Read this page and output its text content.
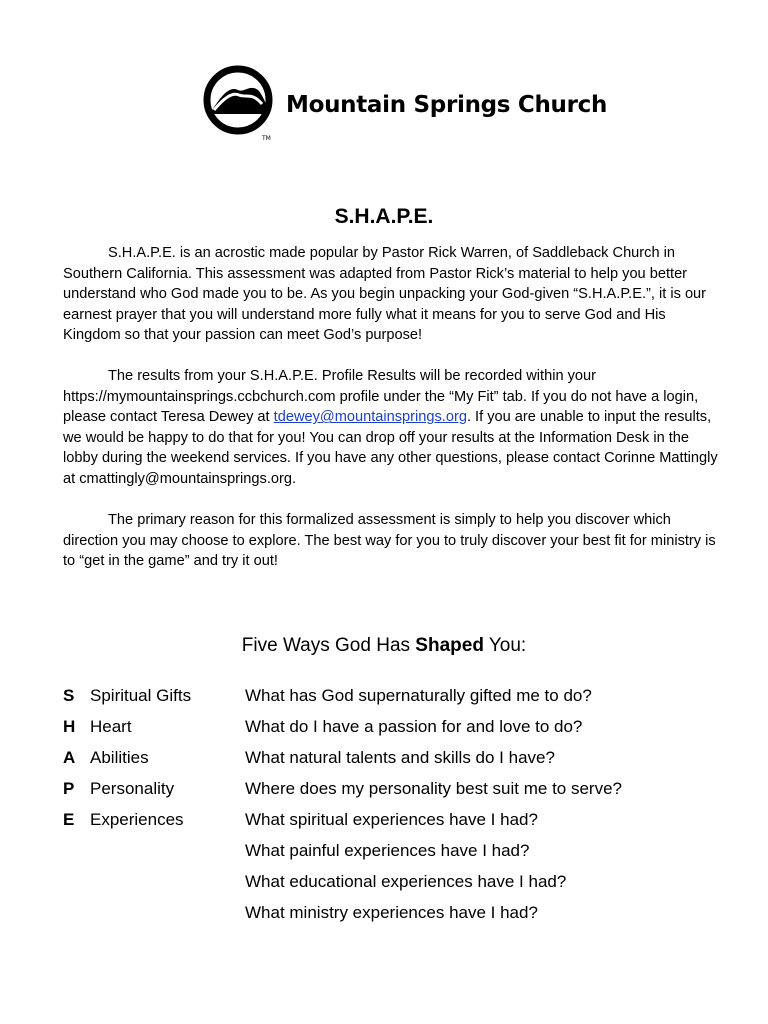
TM
Mountain Springs Church
S.H.A.P.E.

S.H.A.P.E. is an acrostic made popular by Pastor Rick Warren, of Saddleback Church in Southern California. This assessment was adapted from Pastor Rick’s material to help you better understand who God made you to be. As you begin unpacking your God-given “S.H.A.P.E.”, it is our earnest prayer that you will understand more fully what it means for you to serve God and His Kingdom so that your passion can meet God’s purpose!

The results from your S.H.A.P.E. Profile Results will be recorded within your https://mymountainsprings.ccbchurch.com profile under the “My Fit” tab. If you do not have a login, please contact Teresa Dewey at tdewey@mountainsprings.org. If you are unable to input the results, we would be happy to do that for you! You can drop off your results at the Information Desk in the lobby during the weekend services. If you have any other questions, please contact Corinne Mattingly at cmattingly@mountainsprings.org.

The primary reason for this formalized assessment is simply to help you discover which direction you may choose to explore. The best way for you to truly discover your best fit for ministry is to “get in the game” and try it out!

Five Ways God Has Shaped You:
S Spiritual Gifts	What has God supernaturally gifted me to do?
H Heart	What do I have a passion for and love to do?
A Abilities	What natural talents and skills do I have?
P Personality	Where does my personality best suit me to serve?
E Experiences	What spiritual experiences have I had?
What painful experiences have I had?
What educational experiences have I had?
What ministry experiences have I had?
